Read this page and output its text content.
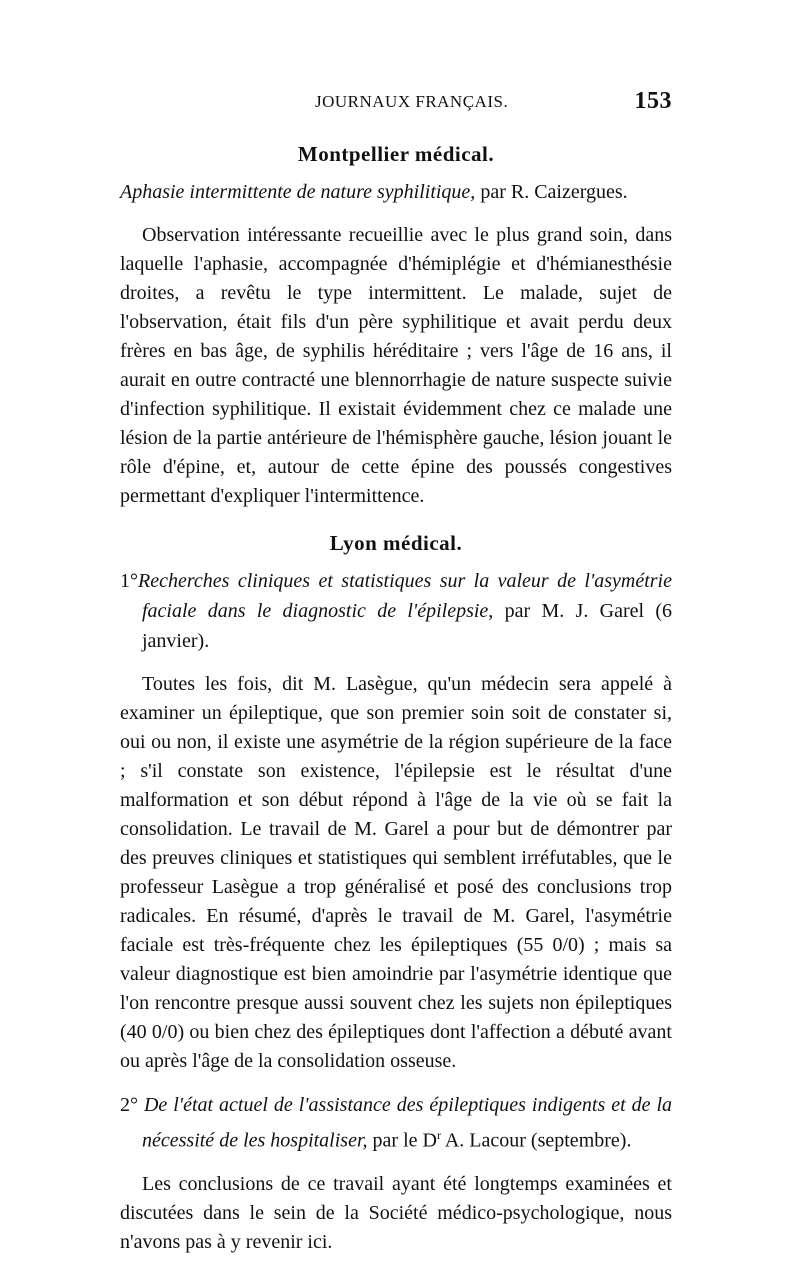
JOURNAUX FRANÇAIS.	153
Montpellier médical.

Aphasie intermittente de nature syphilitique, par R. Caizergues.

Observation intéressante recueillie avec le plus grand soin, dans laquelle l'aphasie, accompagnée d'hémiplégie et d'hémianesthésie droites, a revêtu le type intermittent. Le malade, sujet de l'observation, était fils d'un père syphilitique et avait perdu deux frères en bas âge, de syphilis héréditaire ; vers l'âge de 16 ans, il aurait en outre contracté une blennorrhagie de nature suspecte suivie d'infection syphilitique. Il existait évidemment chez ce malade une lésion de la partie antérieure de l'hémisphère gauche, lésion jouant le rôle d'épine, et, autour de cette épine des poussés congestives permettant d'expliquer l'intermittence.

Lyon médical.

1°Recherches cliniques et statistiques sur la valeur de l'asymétrie faciale dans le diagnostic de l'épilepsie, par M. J. Garel (6 janvier).

Toutes les fois, dit M. Lasègue, qu'un médecin sera appelé à examiner un épileptique, que son premier soin soit de constater si, oui ou non, il existe une asymétrie de la région supérieure de la face ; s'il constate son existence, l'épilepsie est le résultat d'une malformation et son début répond à l'âge de la vie où se fait la consolidation. Le travail de M. Garel a pour but de démontrer par des preuves cliniques et statistiques qui semblent irréfutables, que le professeur Lasègue a trop généralisé et posé des conclusions trop radicales. En résumé, d'après le travail de M. Garel, l'asymétrie faciale est très-fréquente chez les épileptiques (55 0/0) ; mais sa valeur diagnostique est bien amoindrie par l'asymétrie identique que l'on rencontre presque aussi souvent chez les sujets non épileptiques (40 0/0) ou bien chez des épileptiques dont l'affection a débuté avant ou après l'âge de la consolidation osseuse.

2° De l'état actuel de l'assistance des épileptiques indigents et de la nécessité de les hospitaliser, par le $D^r$ A. Lacour (septembre).

Les conclusions de ce travail ayant été longtemps examinées et discutées dans le sein de la Société médico-psychologique, nous n'avons pas à y revenir ici.
